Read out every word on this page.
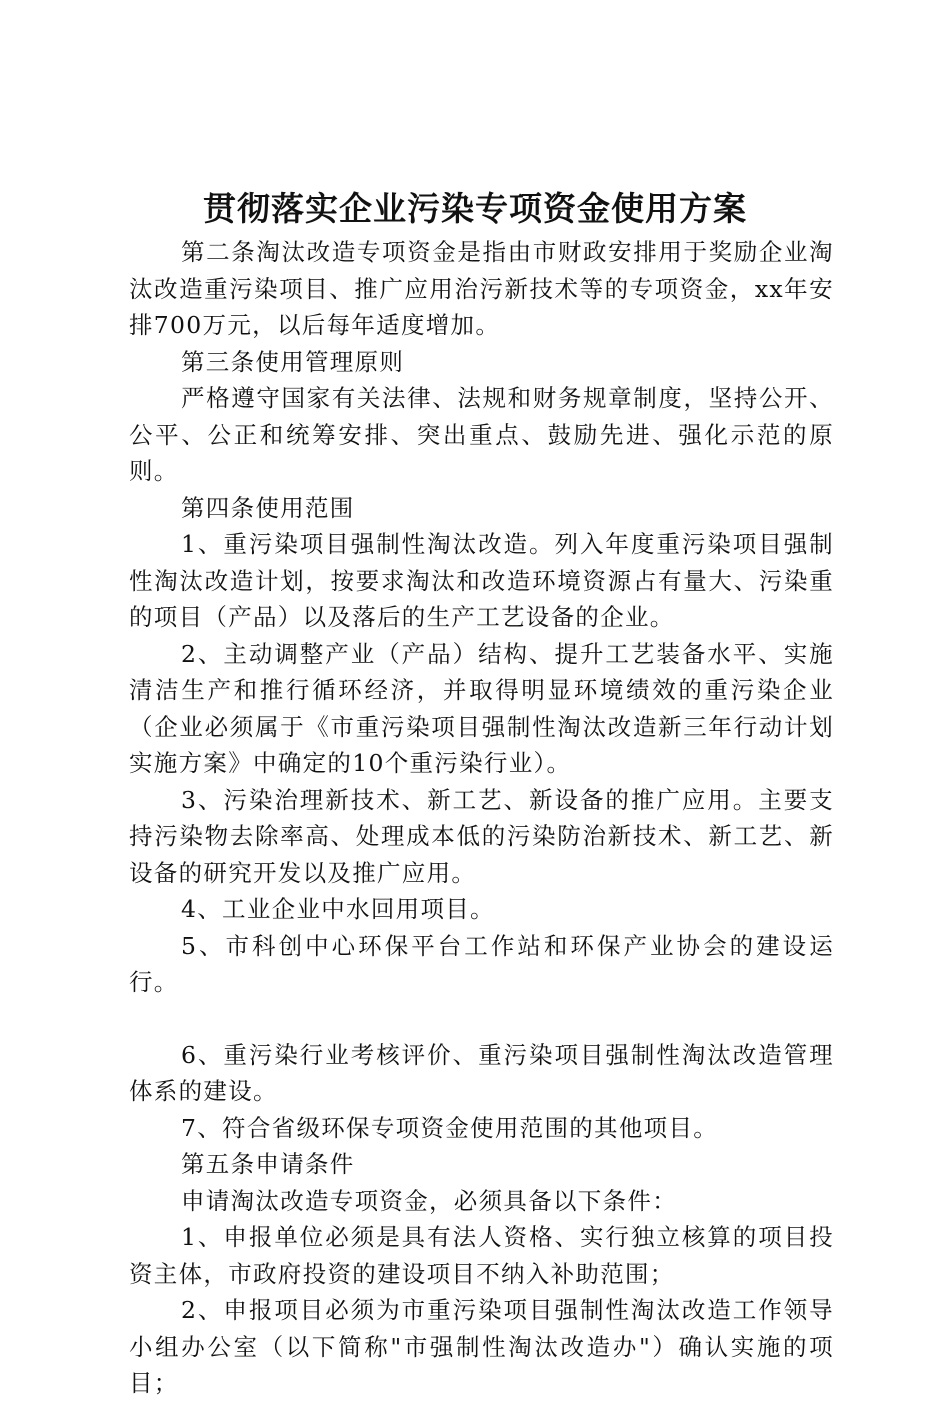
贯彻落实企业污染专项资金使用方案

第二条淘汰改造专项资金是指由市财政安排用于奖励企业淘汰改造重污染项目、推广应用治污新技术等的专项资金，xx年安排700万元，以后每年适度增加。

第三条使用管理原则

严格遵守国家有关法律、法规和财务规章制度，坚持公开、公平、公正和统筹安排、突出重点、鼓励先进、强化示范的原则。

第四条使用范围

1、重污染项目强制性淘汰改造。列入年度重污染项目强制性淘汰改造计划，按要求淘汰和改造环境资源占有量大、污染重的项目（产品）以及落后的生产工艺设备的企业。

2、主动调整产业（产品）结构、提升工艺装备水平、实施清洁生产和推行循环经济，并取得明显环境绩效的重污染企业（企业必须属于《市重污染项目强制性淘汰改造新三年行动计划实施方案》中确定的10个重污染行业）。

3、污染治理新技术、新工艺、新设备的推广应用。主要支持污染物去除率高、处理成本低的污染防治新技术、新工艺、新设备的研究开发以及推广应用。

4、工业企业中水回用项目。

5、市科创中心环保平台工作站和环保产业协会的建设运行。

6、重污染行业考核评价、重污染项目强制性淘汰改造管理体系的建设。

7、符合省级环保专项资金使用范围的其他项目。

第五条申请条件

申请淘汰改造专项资金，必须具备以下条件：

1、申报单位必须是具有法人资格、实行独立核算的项目投资主体，市政府投资的建设项目不纳入补助范围；

2、申报项目必须为市重污染项目强制性淘汰改造工作领导小组办公室（以下简称"市强制性淘汰改造办"）确认实施的项目；
